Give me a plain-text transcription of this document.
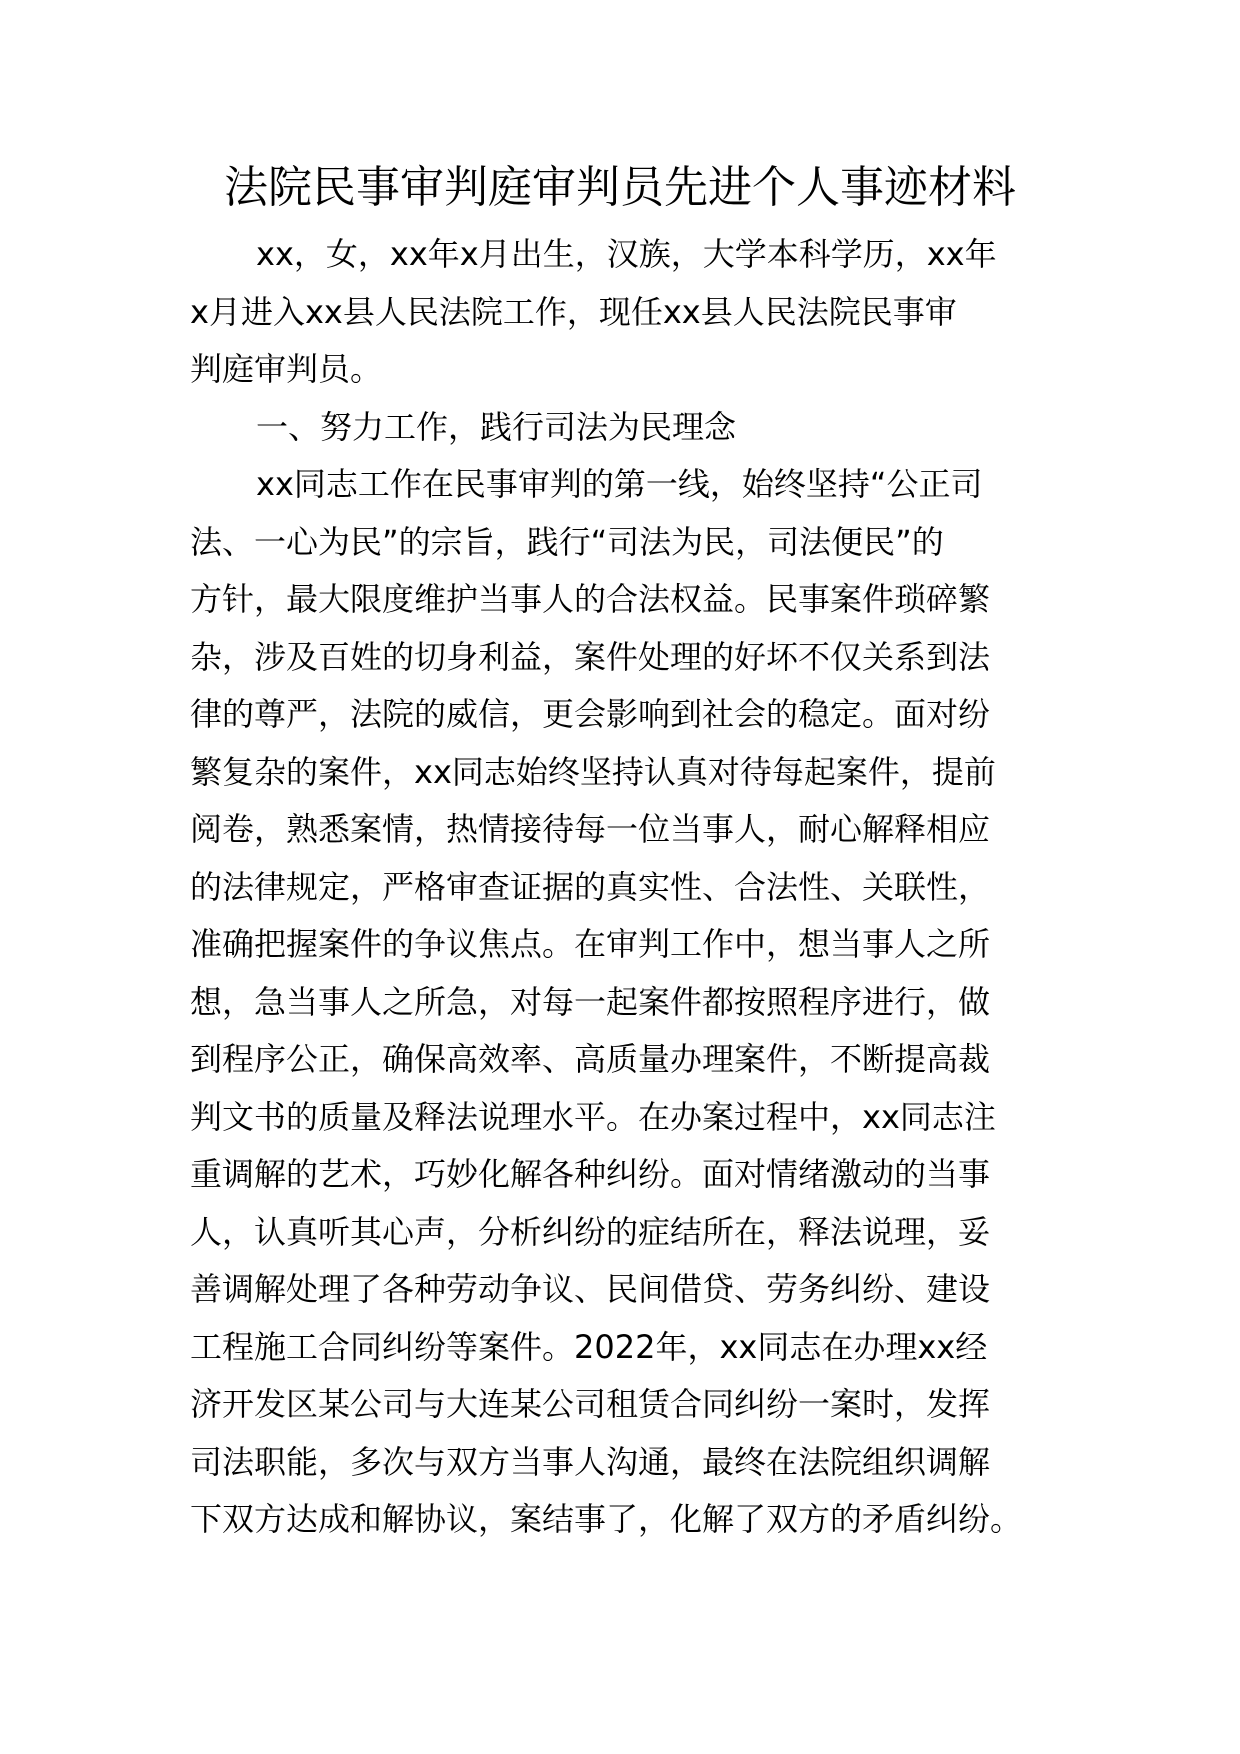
法院民事审判庭审判员先进个人事迹材料

xx，女，xx年x月出生，汉族，大学本科学历，xx年

x月进入xx县人民法院工作，现任xx县人民法院民事审

判庭审判员。

一、努力工作，践行司法为民理念

xx同志工作在民事审判的第一线，始终坚持“公正司

法、一心为民”的宗旨，践行“司法为民，司法便民”的

方针，最大限度维护当事人的合法权益。民事案件琐碎繁

杂，涉及百姓的切身利益，案件处理的好坏不仅关系到法

律的尊严，法院的威信，更会影响到社会的稳定。面对纷

繁复杂的案件，xx同志始终坚持认真对待每起案件，提前

阅卷，熟悉案情，热情接待每一位当事人，耐心解释相应

的法律规定，严格审查证据的真实性、合法性、关联性，

准确把握案件的争议焦点。在审判工作中，想当事人之所

想，急当事人之所急，对每一起案件都按照程序进行，做

到程序公正，确保高效率、高质量办理案件，不断提高裁

判文书的质量及释法说理水平。在办案过程中，xx同志注

重调解的艺术，巧妙化解各种纠纷。面对情绪激动的当事

人，认真听其心声，分析纠纷的症结所在，释法说理，妥

善调解处理了各种劳动争议、民间借贷、劳务纠纷、建设

工程施工合同纠纷等案件。2022年，xx同志在办理xx经

济开发区某公司与大连某公司租赁合同纠纷一案时，发挥

司法职能，多次与双方当事人沟通，最终在法院组织调解

下双方达成和解协议，案结事了，化解了双方的矛盾纠纷。
